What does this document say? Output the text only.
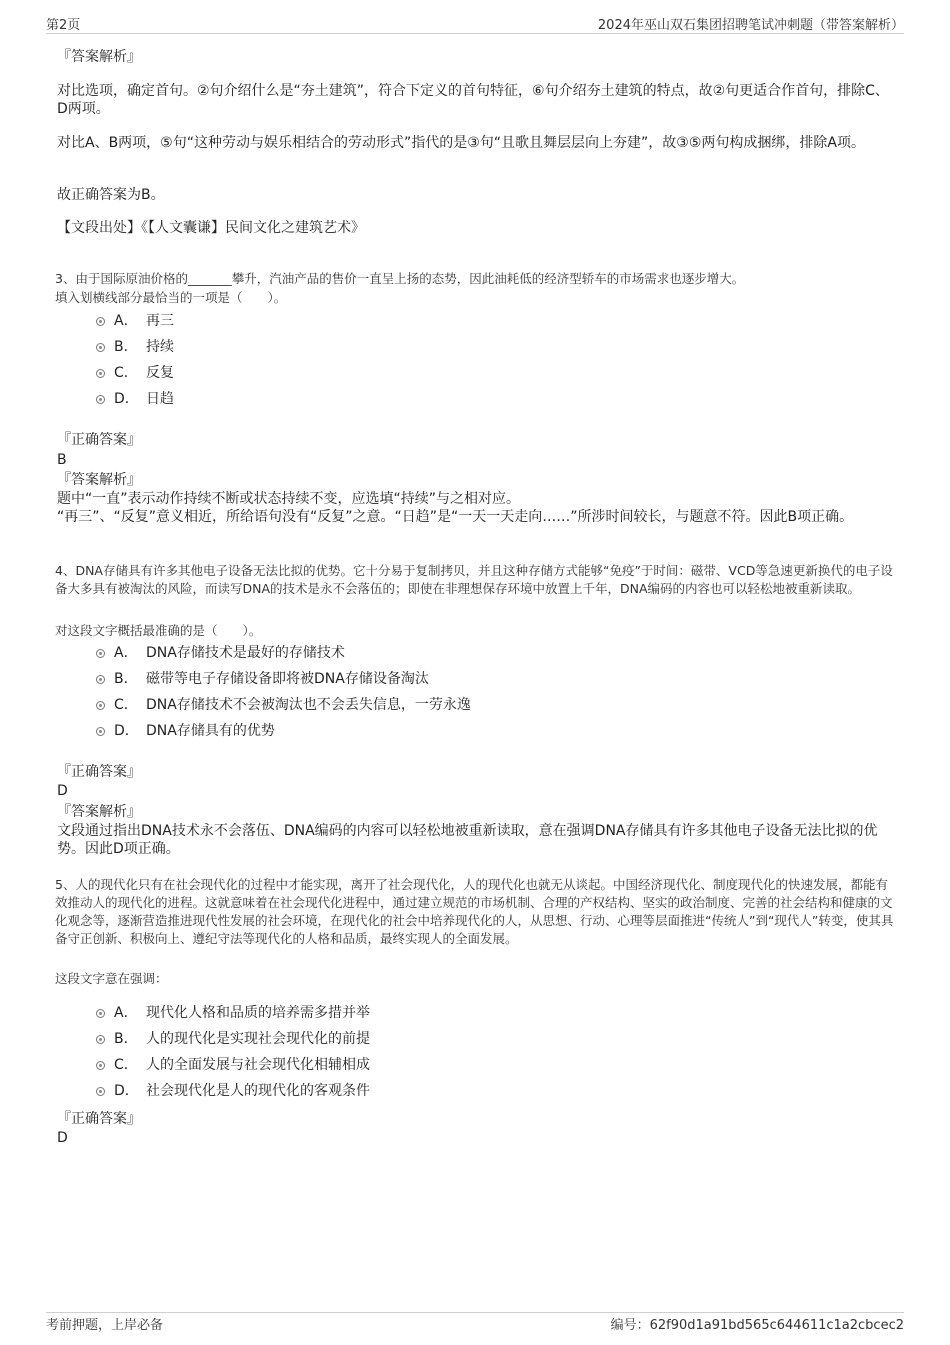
第2页	2024年巫山双石集团招聘笔试冲刺题（带答案解析）
『答案解析』
对比选项，确定首句。②句介绍什么是“夯土建筑”，符合下定义的首句特征，⑥句介绍夯土建筑的特点，故②句更适合作首句，排除C、D两项。
对比A、B两项，⑤句“这种劳动与娱乐相结合的劳动形式”指代的是③句“且歌且舞层层向上夯建”，故③⑤两句构成捆绑，排除A项。
故正确答案为B。
【文段出处】《【人文囊谦】民间文化之建筑艺术》
3、由于国际原油价格的_______攀升，汽油产品的售价一直呈上扬的态势，因此油耗低的经济型轿车的市场需求也逐步增大。
填入划横线部分最恰当的一项是（　　）。
A． 再三
B． 持续
C． 反复
D． 日趋
『正确答案』
B
『答案解析』
题中“一直”表示动作持续不断或状态持续不变，应选填“持续”与之相对应。
“再三”、“反复”意义相近，所给语句没有“反复”之意。“日趋”是“一天一天走向……”所涉时间较长，与题意不符。因此B项正确。
4、DNA存储具有许多其他电子设备无法比拟的优势。它十分易于复制拷贝，并且这种存储方式能够“免疫”于时间：磁带、VCD等急速更新换代的电子设备大多具有被淘汰的风险，而读写DNA的技术是永不会落伍的；即使在非理想保存环境中放置上千年，DNA编码的内容也可以轻松地被重新读取。
对这段文字概括最准确的是（　　）。
A． DNA存储技术是最好的存储技术
B． 磁带等电子存储设备即将被DNA存储设备淘汰
C． DNA存储技术不会被淘汰也不会丢失信息，一劳永逸
D． DNA存储具有的优势
『正确答案』
D
『答案解析』
文段通过指出DNA技术永不会落伍、DNA编码的内容可以轻松地被重新读取，意在强调DNA存储具有许多其他电子设备无法比拟的优势。因此D项正确。
5、人的现代化只有在社会现代化的过程中才能实现，离开了社会现代化，人的现代化也就无从谈起。中国经济现代化、制度现代化的快速发展，都能有效推动人的现代化的进程。这就意味着在社会现代化进程中，通过建立规范的市场机制、合理的产权结构、坚实的政治制度、完善的社会结构和健康的文化观念等，逐渐营造推进现代性发展的社会环境，在现代化的社会中培养现代化的人，从思想、行动、心理等层面推进“传统人”到“现代人”转变，使其具备守正创新、积极向上、遵纪守法等现代化的人格和品质，最终实现人的全面发展。
这段文字意在强调：
A． 现代化人格和品质的培养需多措并举
B． 人的现代化是实现社会现代化的前提
C． 人的全面发展与社会现代化相辅相成
D． 社会现代化是人的现代化的客观条件
『正确答案』
D
考前押题，上岸必备	编号：62f90d1a91bd565c644611c1a2cbcec2
